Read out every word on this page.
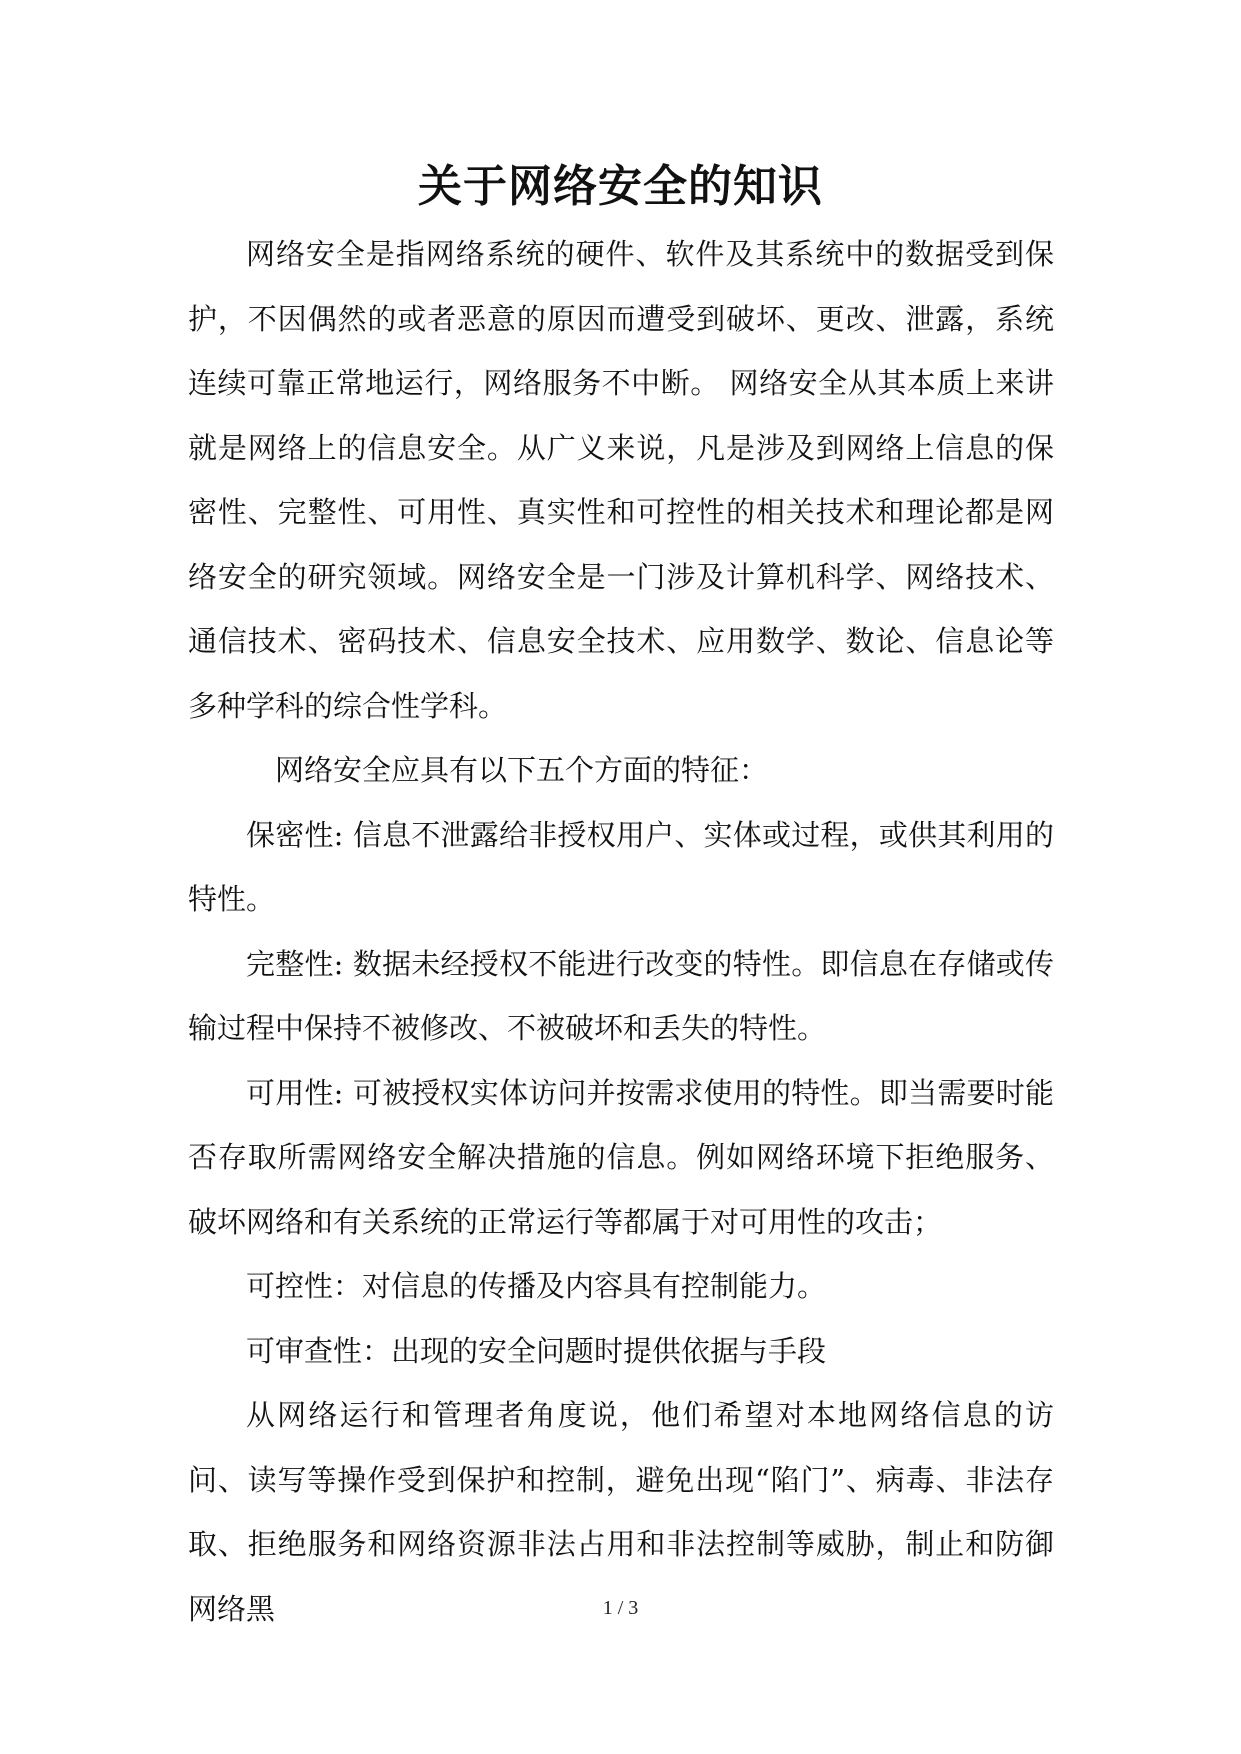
关于网络安全的知识

网络安全是指网络系统的硬件、软件及其系统中的数据受到保护，不因偶然的或者恶意的原因而遭受到破坏、更改、泄露，系统连续可靠正常地运行，网络服务不中断。 网络安全从其本质上来讲就是网络上的信息安全。从广义来说，凡是涉及到网络上信息的保密性、完整性、可用性、真实性和可控性的相关技术和理论都是网络安全的研究领域。网络安全是一门涉及计算机科学、网络技术、通信技术、密码技术、信息安全技术、应用数学、数论、信息论等多种学科的综合性学科。

网络安全应具有以下五个方面的特征：

保密性: 信息不泄露给非授权用户、实体或过程，或供其利用的特性。

完整性: 数据未经授权不能进行改变的特性。即信息在存储或传输过程中保持不被修改、不被破坏和丢失的特性。

可用性: 可被授权实体访问并按需求使用的特性。即当需要时能否存取所需网络安全解决措施的信息。例如网络环境下拒绝服务、破坏网络和有关系统的正常运行等都属于对可用性的攻击；

可控性：对信息的传播及内容具有控制能力。

可审查性：出现的安全问题时提供依据与手段

从网络运行和管理者角度说，他们希望对本地网络信息的访问、读写等操作受到保护和控制，避免出现“陷门”、病毒、非法存取、拒绝服务和网络资源非法占用和非法控制等威胁，制止和防御网络黑	1 / 3
